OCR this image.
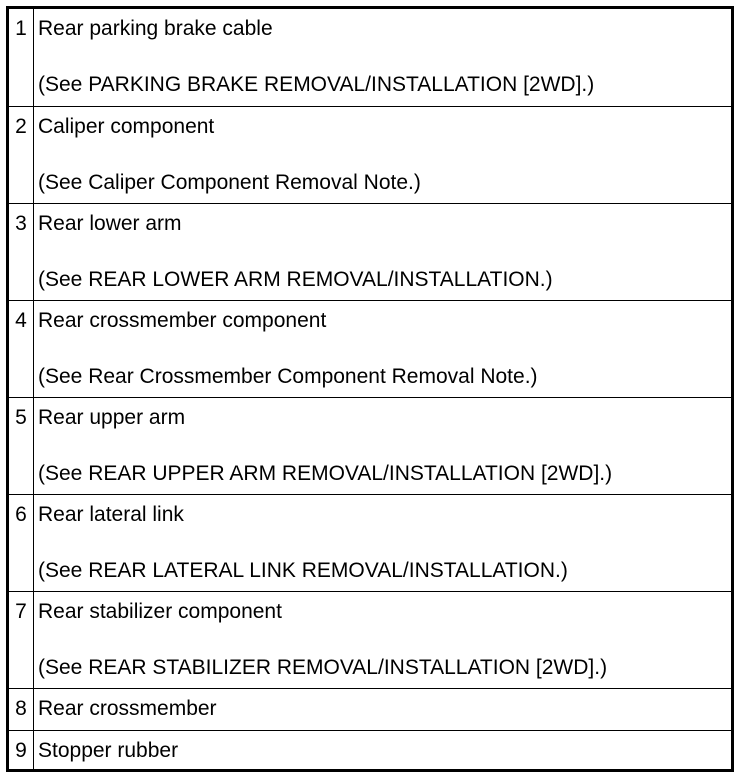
1	Rear parking brake cable
(See PARKING BRAKE REMOVAL/INSTALLATION [2WD].)

2	Caliper component
(See Caliper Component Removal Note.)

3	Rear lower arm
(See REAR LOWER ARM REMOVAL/INSTALLATION.)

4	Rear crossmember component
(See Rear Crossmember Component Removal Note.)

5	Rear upper arm
(See REAR UPPER ARM REMOVAL/INSTALLATION [2WD].)

6	Rear lateral link
(See REAR LATERAL LINK REMOVAL/INSTALLATION.)

7	Rear stabilizer component
(See REAR STABILIZER REMOVAL/INSTALLATION [2WD].)

8	Rear crossmember

9	Stopper rubber
